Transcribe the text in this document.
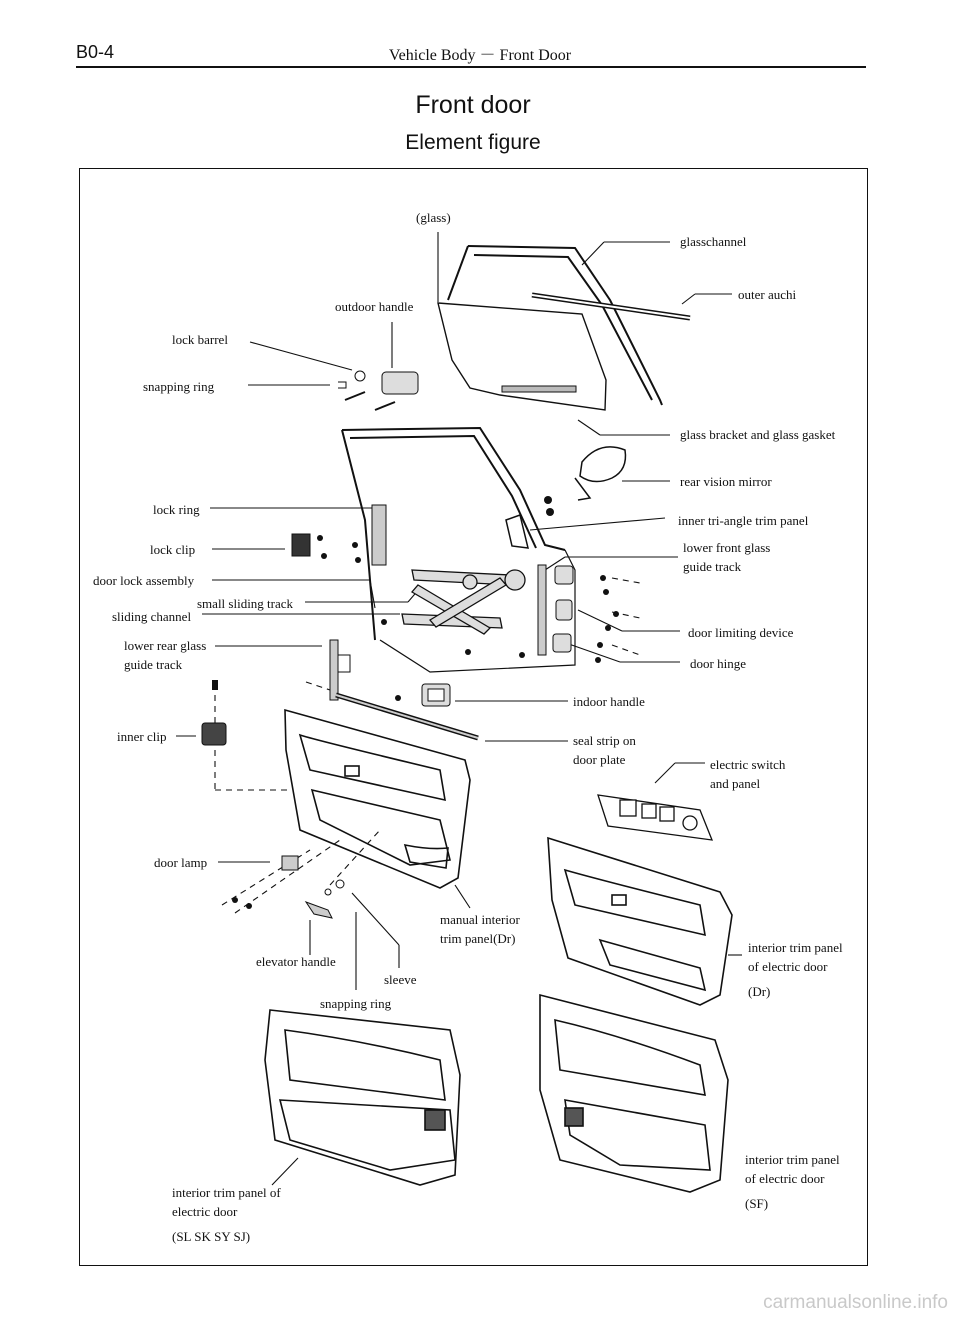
B0-4	Vehicle Body － Front Door
Front door
Element figure
(glass)
glasschannel
outer auchi
outdoor handle
lock barrel
snapping ring
glass bracket and glass gasket
rear vision mirror
lock ring
inner tri-angle trim panel
lock clip	lower front glass
guide track
door lock assembly
small sliding track
sliding channel
door limiting device
lower rear glass
guide track	door hinge
indoor handle
inner clip	seal strip on
door plate	electric switch
and panel
door lamp
manual interior
trim panel(Dr)
interior trim panel
of electric door
(Dr)
elevator handle
sleeve
snapping ring
interior trim panel
of electric door
(SF)
interior trim panel of
electric door
(SL SK SY SJ)
carmanualsonline.info
